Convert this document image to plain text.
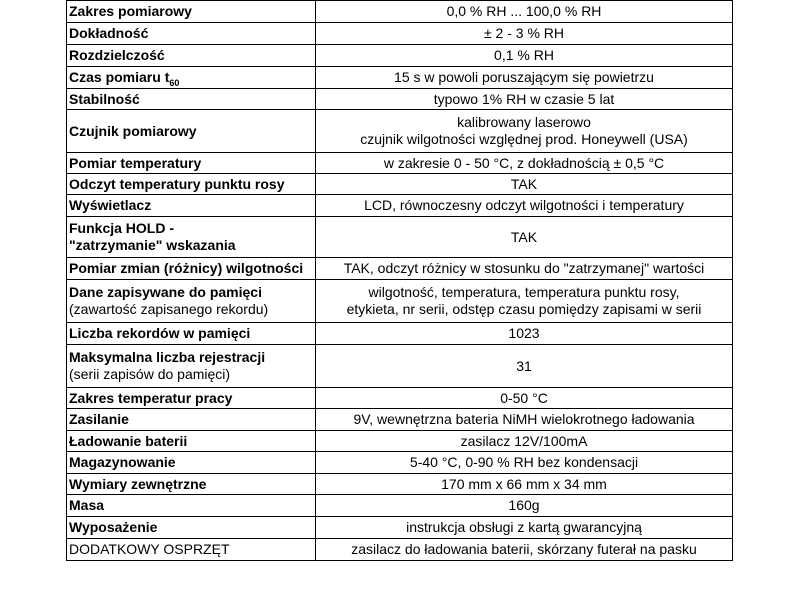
Zakres pomiarowy	0,0 % RH ... 100,0 % RH
Dokładność	± 2 - 3 % RH
Rozdzielczość	0,1 % RH
Czas pomiaru $t_{60}$	15 s w powoli poruszającym się powietrzu
Stabilność	typowo 1% RH w czasie 5 lat
Czujnik pomiarowy	kalibrowany laserowo
czujnik wilgotności względnej prod. Honeywell (USA)

Pomiar temperatury	w zakresie 0 - 50 °C, z dokładnością ± 0,5 °C
Odczyt temperatury punktu rosy	TAK
Wyświetlacz	LCD, równoczesny odczyt wilgotności i temperatury

Funkcja HOLD -
"zatrzymanie" wskazania	TAK
Pomiar zmian (różnicy) wilgotności	TAK, odczyt różnicy w stosunku do "zatrzymanej" wartości

Dane zapisywane do pamięci
(zawartość zapisanego rekordu)	wilgotność, temperatura, temperatura punktu rosy,
etykieta, nr serii, odstęp czasu pomiędzy zapisami w serii

Liczba rekordów w pamięci	1023

Maksymalna liczba rejestracji
(serii zapisów do pamięci)	31
Zakres temperatur pracy	0-50 °C
Zasilanie	9V, wewnętrzna bateria NiMH wielokrotnego ładowania
Ładowanie baterii	zasilacz 12V/100mA
Magazynowanie	5-40 °C, 0-90 % RH bez kondensacji
Wymiary zewnętrzne	170 mm x 66 mm x 34 mm
Masa	160g
Wyposażenie	instrukcja obsługi z kartą gwarancyjną
DODATKOWY OSPRZĘT	zasilacz do ładowania baterii, skórzany futerał na pasku
